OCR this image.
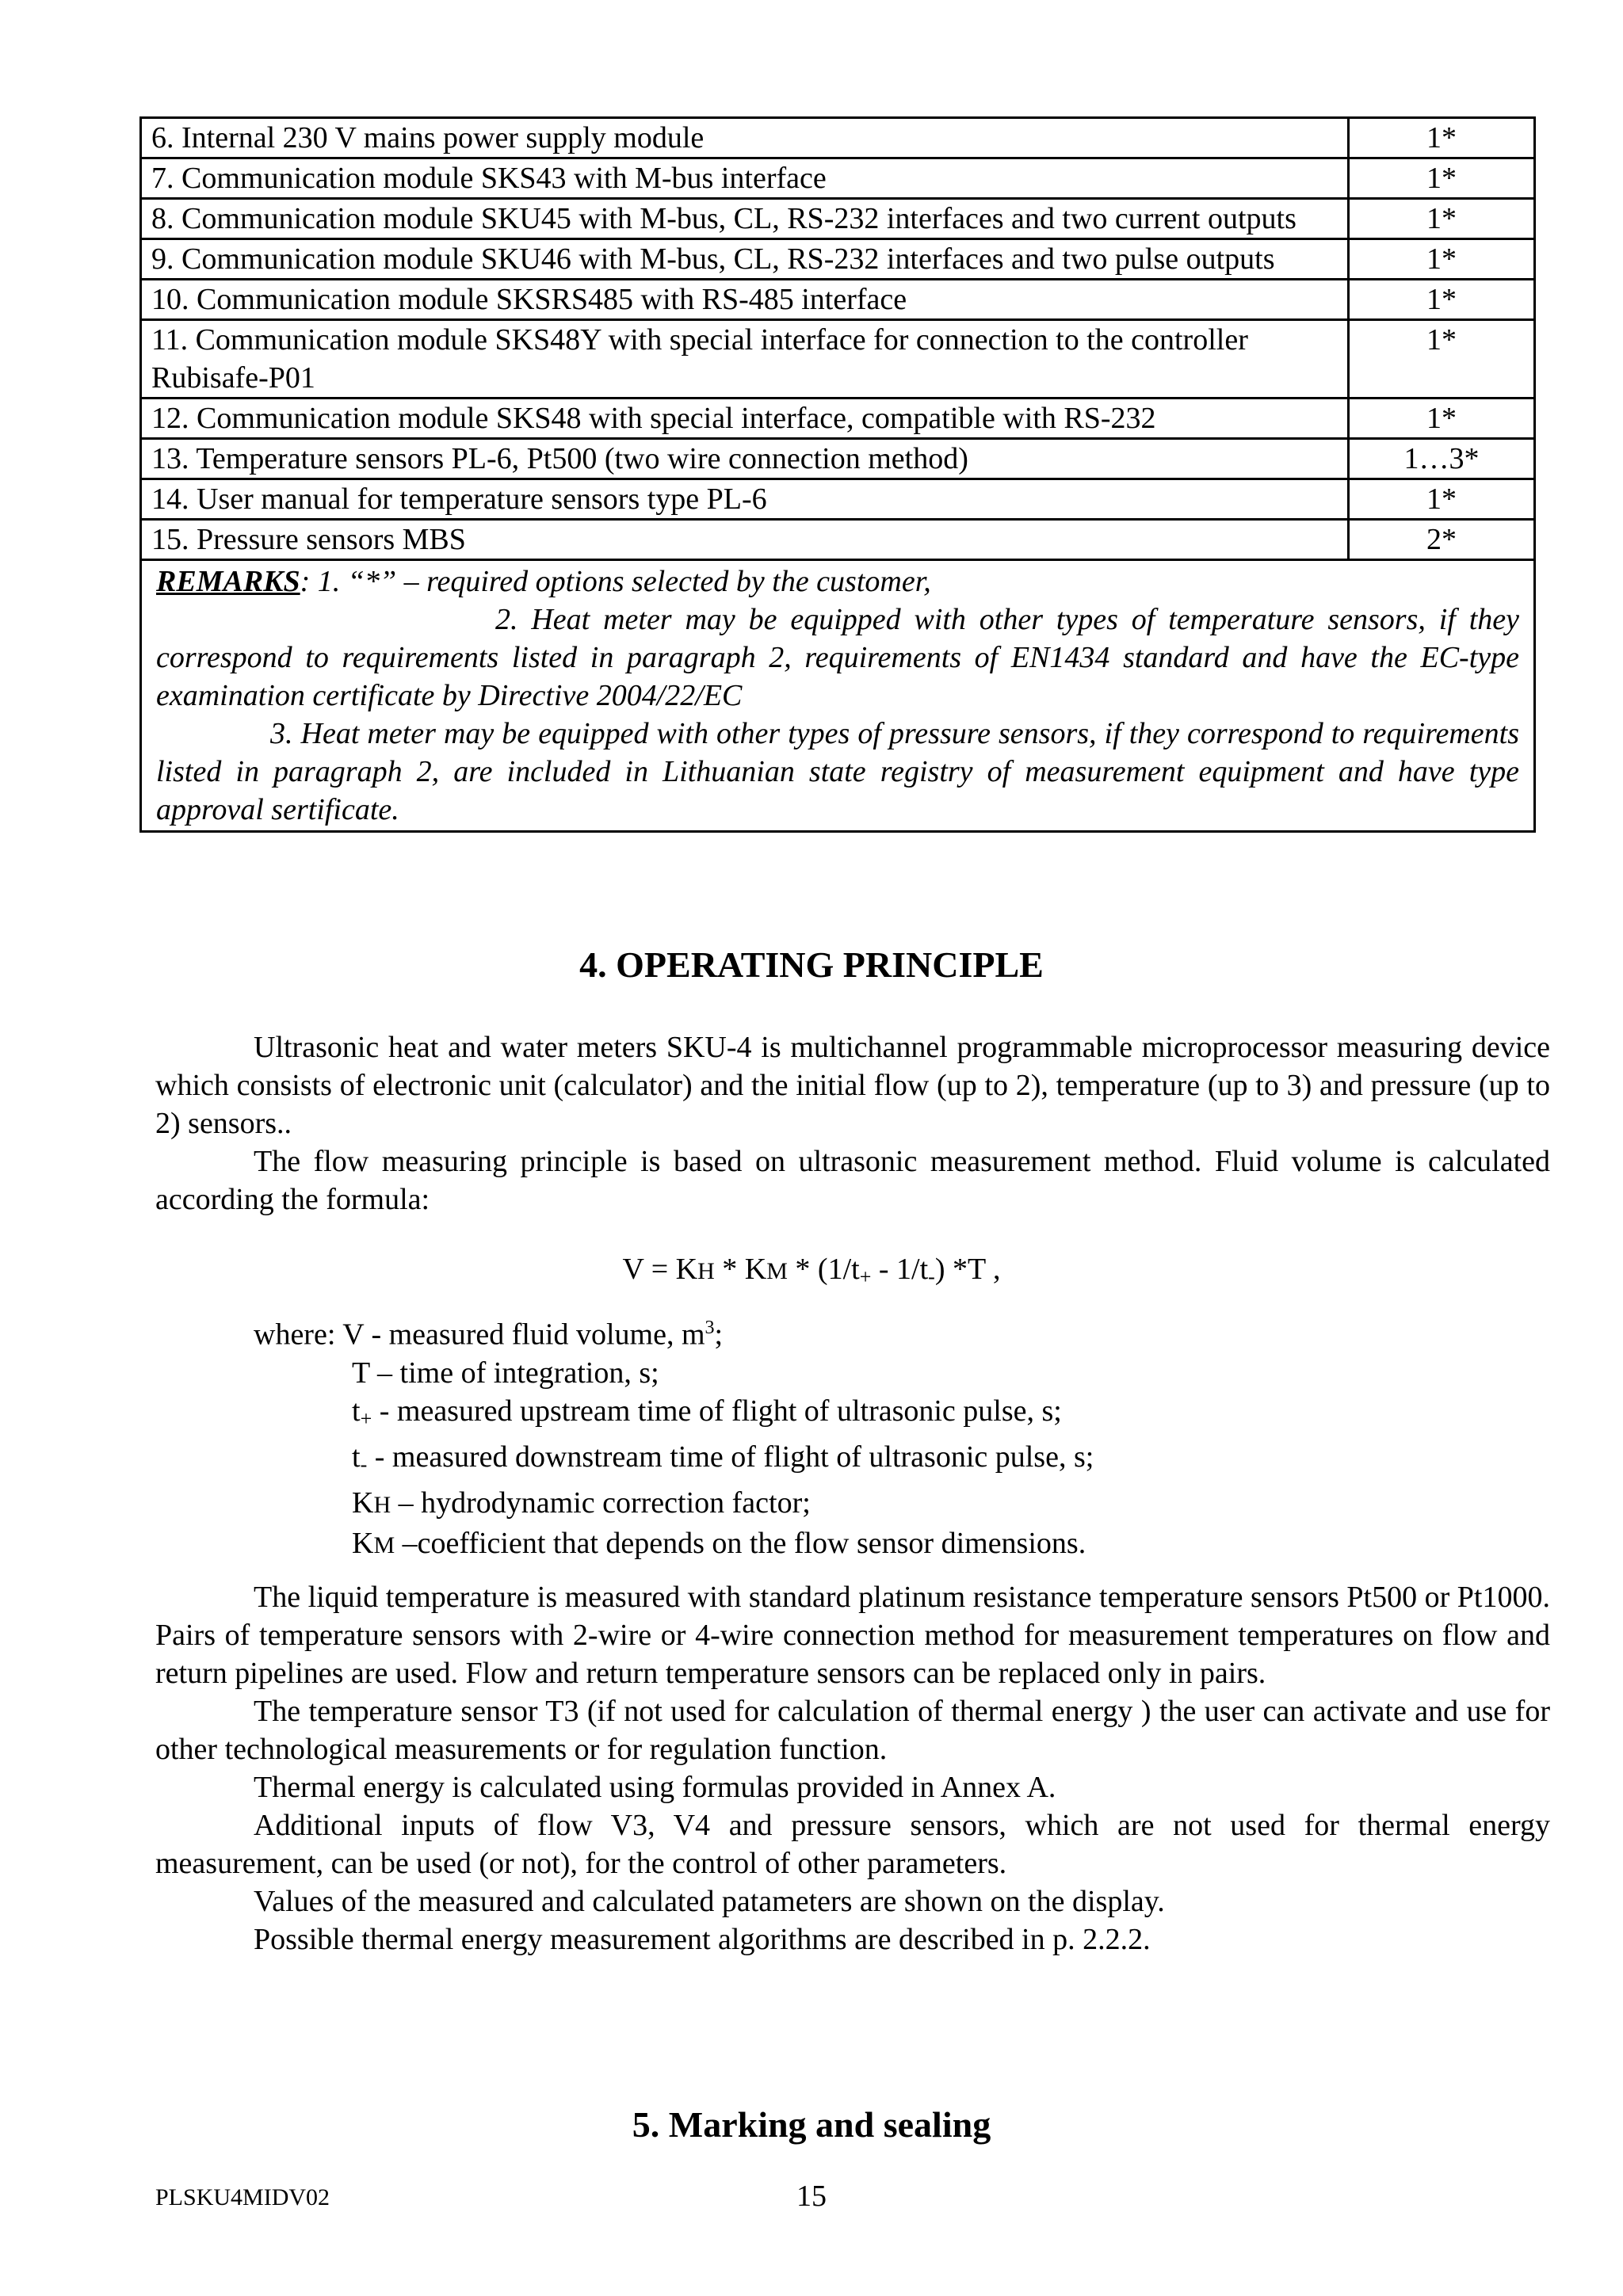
6. Internal 230 V mains power supply module	1*
7. Communication module SKS43 with M-bus interface	1*
8. Communication module SKU45 with M-bus, CL, RS-232 interfaces and two current outputs	1*
9. Communication module SKU46 with M-bus, CL, RS-232 interfaces and two pulse outputs	1*
10. Communication module SKSRS485 with RS-485 interface	1*
11. Communication module SKS48Y with special interface for connection to the controller Rubisafe-P01	1*
12. Communication module SKS48 with special interface, compatible with RS-232	1*
13. Temperature sensors PL-6, Pt500 (two wire connection method)	1…3*
14. User manual for temperature sensors type PL-6	1*
15. Pressure sensors MBS	2*

REMARKS: 1. “*” – required options selected by the customer,
2. Heat meter may be equipped with other types of temperature sensors, if they correspond to requirements listed in paragraph 2, requirements of EN1434 standard and have the EC-type examination certificate by Directive 2004/22/EC
3. Heat meter may be equipped with other types of pressure sensors, if they correspond to requirements listed in paragraph 2, are included in Lithuanian state registry of measurement equipment and have type approval sertificate.	
4. OPERATING PRINCIPLE
Ultrasonic heat and water meters SKU-4 is multichannel programmable microprocessor measuring device which consists of electronic unit (calculator) and the initial flow (up to 2), temperature (up to 3) and pressure (up to 2) sensors..
The flow measuring principle is based on ultrasonic measurement method. Fluid volume is calculated according the formula:
V = KH * KM * $(1/t_+ - 1/t_-)$ *T ,
where: V - measured fluid volume, $m^3$;
T – time of integration, s;
$t_+$ - measured upstream time of flight of ultrasonic pulse, s;
$t_-$ - measured downstream time of flight of ultrasonic pulse, s;
KH – hydrodynamic correction factor;
KM –coefficient that depends on the flow sensor dimensions.
The liquid temperature is measured with standard platinum resistance temperature sensors Pt500 or Pt1000. Pairs of temperature sensors with 2-wire or 4-wire connection method for measurement temperatures on flow and return pipelines are used. Flow and return temperature sensors can be replaced only in pairs.
The temperature sensor T3 (if not used for calculation of thermal energy ) the user can activate and use for other technological measurements or for regulation function.
Thermal energy is calculated using formulas provided in Annex A.
Additional inputs of flow V3, V4 and pressure sensors, which are not used for thermal energy measurement, can be used (or not), for the control of other parameters.
Values of the measured and calculated patameters are shown on the display.
Possible thermal energy measurement algorithms are described in p. 2.2.2.
5. Marking and sealing
PLSKU4MIDV02	15
